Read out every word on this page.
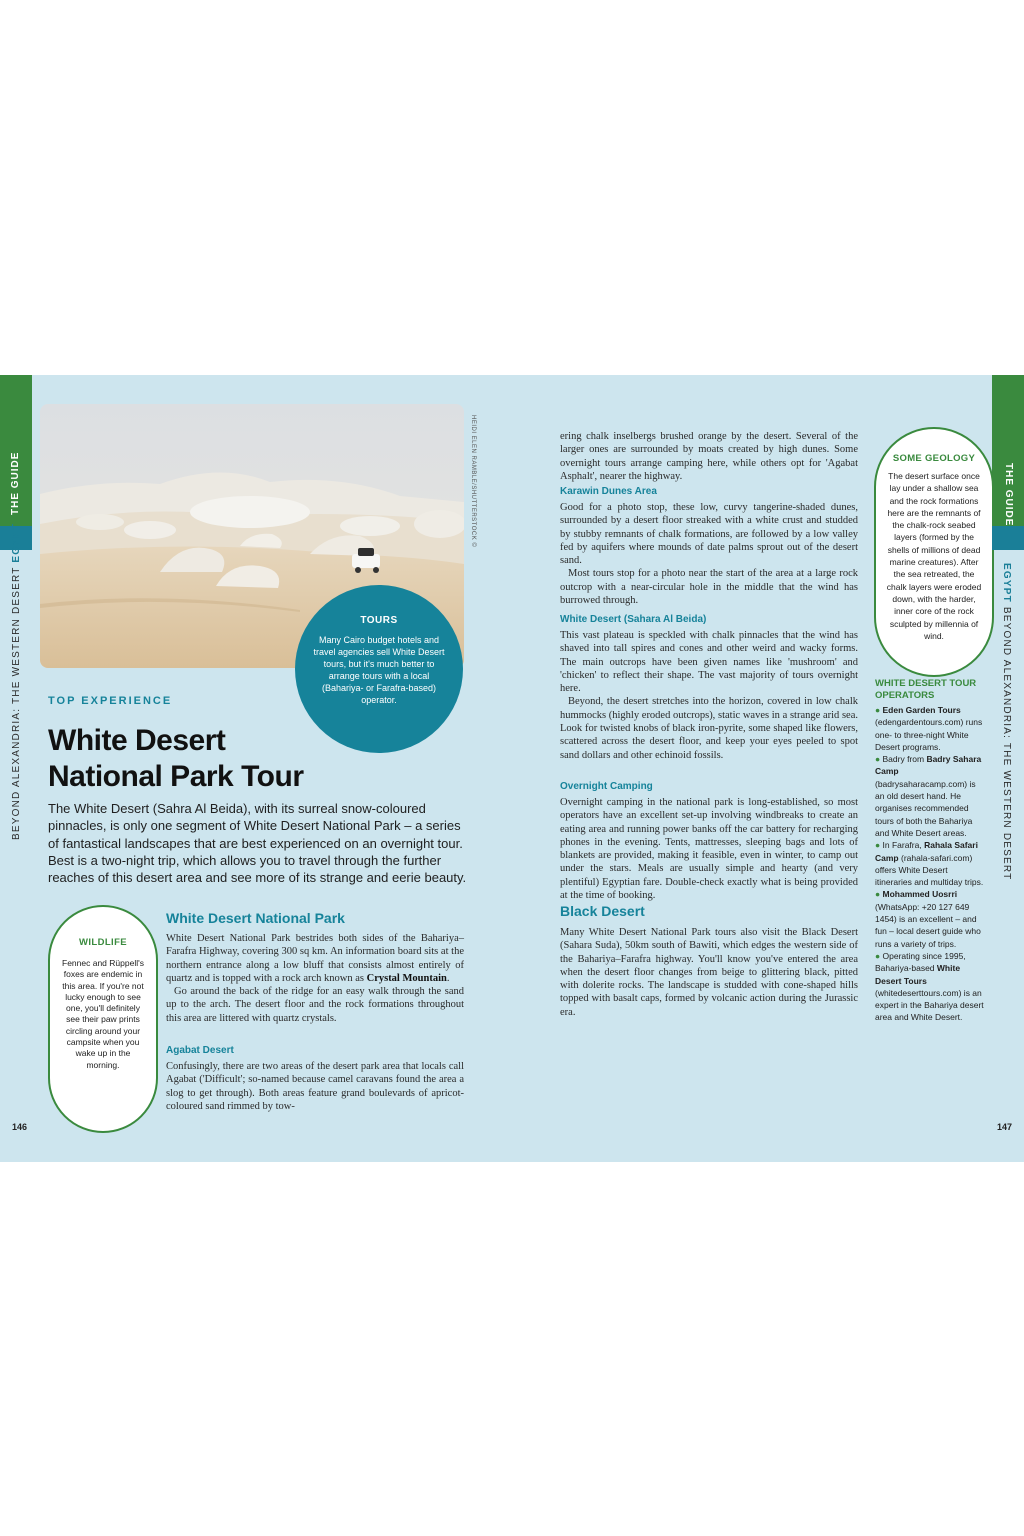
THE GUIDE
BEYOND ALEXANDRIA: THE WESTERN DESERT EGYPT	HEIDI ELEN RAMBLE/SHUTTERSTOCK ©
TOURS
Many Cairo budget hotels and travel agencies sell White Desert tours, but it's much better to arrange tours with a local (Bahariya- or Farafra-based) operator.
TOP EXPERIENCE
White Desert
National Park Tour
The White Desert (Sahra Al Beida), with its surreal snow-coloured pinnacles, is only one segment of White Desert National Park – a series of fantastical landscapes that are best experienced on an overnight tour. Best is a two-night trip, which allows you to travel through the further reaches of this desert area and see more of its strange and eerie beauty.
WILDLIFE
Fennec and Rüppell's foxes are endemic in this area. If you're not lucky enough to see one, you'll definitely see their paw prints circling around your campsite when you wake up in the morning.
White Desert National Park

White Desert National Park bestrides both sides of the Bahariya–Farafra Highway, covering 300 sq km. An information board sits at the northern entrance along a low bluff that consists almost entirely of quartz and is topped with a rock arch known as Crystal Mountain.

Go around the back of the ridge for an easy walk through the sand up to the arch. The desert floor and the rock formations throughout this area are littered with quartz crystals.

Agabat Desert

Confusingly, there are two areas of the desert park area that locals call Agabat ('Difficult'; so-named because camel caravans found the area a slog to get through). Both areas feature grand boulevards of apricot-coloured sand rimmed by tow-

146

ering chalk inselbergs brushed orange by the desert. Several of the larger ones are surrounded by moats created by high dunes. Some overnight tours arrange camping here, while others opt for 'Agabat Asphalt', nearer the highway.

Karawin Dunes Area

Good for a photo stop, these low, curvy tangerine-shaded dunes, surrounded by a desert floor streaked with a white crust and studded by stubby remnants of chalk formations, are followed by a low valley fed by aquifers where mounds of date palms sprout out of the desert sand.

Most tours stop for a photo near the start of the area at a large rock outcrop with a near-circular hole in the middle that the wind has burrowed through.

White Desert (Sahara Al Beida)

This vast plateau is speckled with chalk pinnacles that the wind has shaved into tall spires and cones and other weird and wacky forms. The main outcrops have been given names like 'mushroom' and 'chicken' to reflect their shape. The vast majority of tours overnight here.

Beyond, the desert stretches into the horizon, covered in low chalk hummocks (highly eroded outcrops), static waves in a strange arid sea. Look for twisted knobs of black iron-pyrite, some shaped like flowers, scattered across the desert floor, and keep your eyes peeled to spot sand dollars and other echinoid fossils.

Overnight Camping

Overnight camping in the national park is long-established, so most operators have an excellent set-up involving windbreaks to create an eating area and running power banks off the car battery for recharging phones in the evening. Tents, mattresses, sleeping bags and lots of blankets are provided, making it feasible, even in winter, to camp out under the stars. Meals are usually simple and hearty (and very plentiful) Egyptian fare. Double-check exactly what is being provided at the time of booking.

Black Desert

Many White Desert National Park tours also visit the Black Desert (Sahara Suda), 50km south of Bawiti, which edges the western side of the Bahariya–Farafra highway. You'll know you've entered the area when the desert floor changes from beige to glittering black, pitted with dolerite rocks. The landscape is studded with cone-shaped hills topped with basalt caps, formed by volcanic action during the Jurassic era.

SOME GEOLOGY
The desert surface once lay under a shallow sea and the rock formations here are the remnants of the chalk-rock seabed layers (formed by the shells of millions of dead marine creatures). After the sea retreated, the chalk layers were eroded down, with the harder, inner core of the rock sculpted by millennia of wind.
WHITE DESERT TOUR OPERATORS
● Eden Garden Tours (edengardentours.com) runs one- to three-night White Desert programs.
● Badry from Badry Sahara Camp (badrysaharacamp.com) is an old desert hand. He organises recommended tours of both the Bahariya and White Desert areas.
● In Farafra, Rahala Safari Camp (rahala-safari.com) offers White Desert itineraries and multiday trips.
● Mohammed Uosrri (WhatsApp: +20 127 649 1454) is an excellent – and fun – local desert guide who runs a variety of trips.
● Operating since 1995, Bahariya-based White Desert Tours (whitedeserttours.com) is an expert in the Bahariya desert area and White Desert.
THE GUIDE
EGYPT BEYOND ALEXANDRIA: THE WESTERN DESERT
147
